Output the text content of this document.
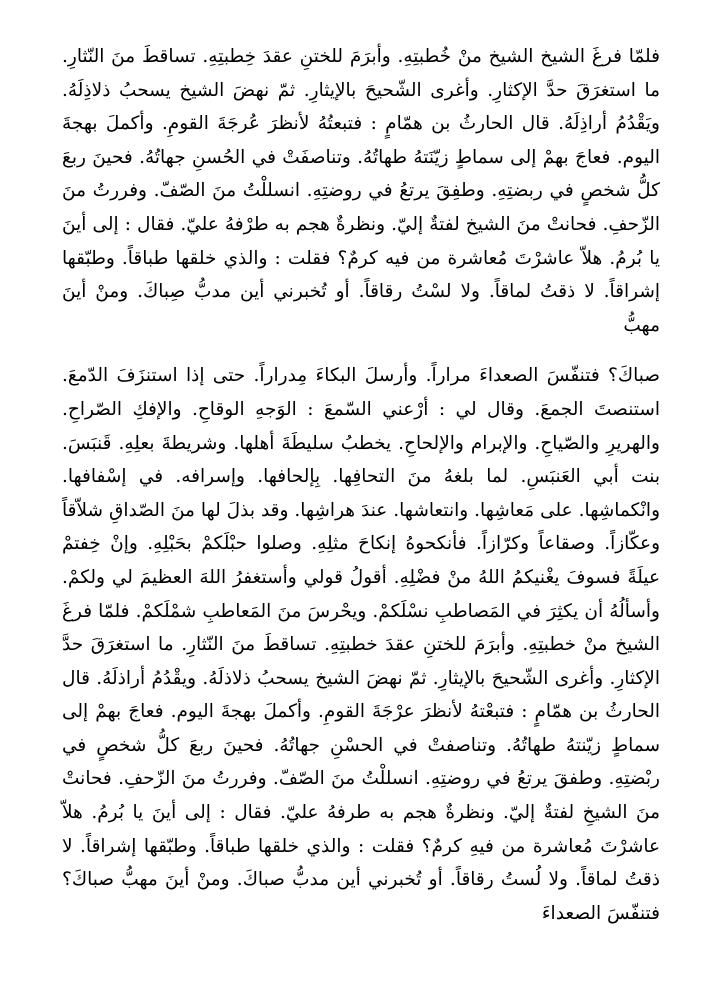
فلمّا فرغَ الشيخ الشيخ منْ خُطبتِهِ. وأبرَمَ للختنِ عقدَ خِطبتِهِ. تساقطَ منَ النّثارِ. ما استغرَقَ حدَّ الإكثارِ. وأغرى الشّحيحَ بالإيثارِ. ثمّ نهضَ الشيخ يسحبُ ذلاذِلَهُ. ويَقْدُمُ أراذِلَهُ. قال الحارثُ بن همّامٍ : فتبعتُهُ لأنظرَ عُرجَةَ القومِ. وأكملَ بهجةَ اليوم. فعاجَ بهمْ إلى سماطٍ زيّنَتهُ طهاتُهُ. وتناصفَتْ في الحُسنِ جهاتُهُ. فحينَ ربعَ كلُّ شخصٍ في ربضتِهِ. وطفِقَ يرتعُ في روضتِهِ. انسللْتُ منَ الصّفّ. وفررتُ منَ الزّحفِ. فحانتْ منَ الشيخ لفتةٌ إليّ. ونظرةٌ هجم به طرْفهُ عليّ. فقال : إلى أينَ يا بُرمُ. هلاّ عاشرْتَ مُعاشرة من فيه كرمٌ؟ فقلت : والذي خلقها طباقاً. وطبّقها إشراقاً. لا ذقتُ لماقاً. ولا لسْتُ رقاقاً. أو تُخبرني أين مدبُّ صِباكَ. ومنْ أينَ مهبُّ

صباكَ؟ فتنفّسَ الصعداءَ مراراً. وأرسلَ البكاءَ مِدراراً. حتى إذا استنزَفَ الدّمعَ. استنصتَ الجمعَ. وقال لي : أرْعني السّمعَ : الوَجهِ الوقاحِ. والإفكِ الصّراحِ. والهريرِ والصّياحِ. والإبرام والإلحاحِ. يخطبُ سليطَةَ أهلها. وشريطةَ بعلِهِ. قَنبَسَ. بنت أبي العَنبَسِ. لما بلغهُ منَ التحافِها. بِإلحافها. وإسرافه. في إسْفافها. وانْكماشِها. على مَعاشِها. وانتعاشها. عندَ هراشِها. وقد بذلَ لها منَ الصّداقِ شلاّقاً وعكّازاً. وصقاعاً وكرّازاً. فأنكحوهُ إنكاحَ مثلِهِ. وصلوا حبْلَكمْ بحَبْلِهِ. وإنْ خِفتمْ عيلَةً فسوفَ يغْنيكمُ اللهُ منْ فضْلِهِ. أقولُ قولي وأستغفرُ اللهَ العظيمَ لي ولكمْ. وأسألُهُ أن يكثِرَ في المَصاطبِ نسْلَكمْ. ويحْرسَ منَ المَعاطبِ شمْلَكمْ. فلمّا فرغَ الشيخ منْ خطبتِهِ. وأبرَمَ للختنِ عقدَ خطبتِهِ. تساقطَ منَ النّثارِ. ما استغرَقَ حدَّ الإكثارِ. وأغرى الشّحيحَ بالإيثارِ. ثمّ نهضَ الشيخ يسحبُ ذلاذلَهُ. ويقْدُمُ أراذلَهُ. قال الحارثُ بن همّامٍ : فتبعْتهُ لأنظرَ عرْجَةَ القومِ. وأكملَ بهجةَ اليوم. فعاجَ بهمْ إلى سماطٍ زيّنتهُ طهاتُهُ. وتناصفتْ في الحسْنِ جهاتُهُ. فحينَ ربعَ كلُّ شخصٍ في ربْضتِهِ. وطفقَ يرتعُ في روضتِهِ. انسللْتُ منَ الصّفّ. وفررتُ منَ الزّحفِ. فحانتْ منَ الشيخِ لفتةٌ إليّ. ونظرةٌ هجم به طرفهُ عليّ. فقال : إلى أينَ يا بُرمُ. هلاّ عاشرْتَ مُعاشرة من فيهِ كرمٌ؟ فقلت : والذي خلقها طباقاً. وطبّقها إشراقاً. لا ذقتُ لماقاً. ولا لُستُ رقاقاً. أو تُخبرني أين مدبُّ صباكَ. ومنْ أينَ مهبُّ صباكَ؟ فتنفّسَ الصعداءَ
